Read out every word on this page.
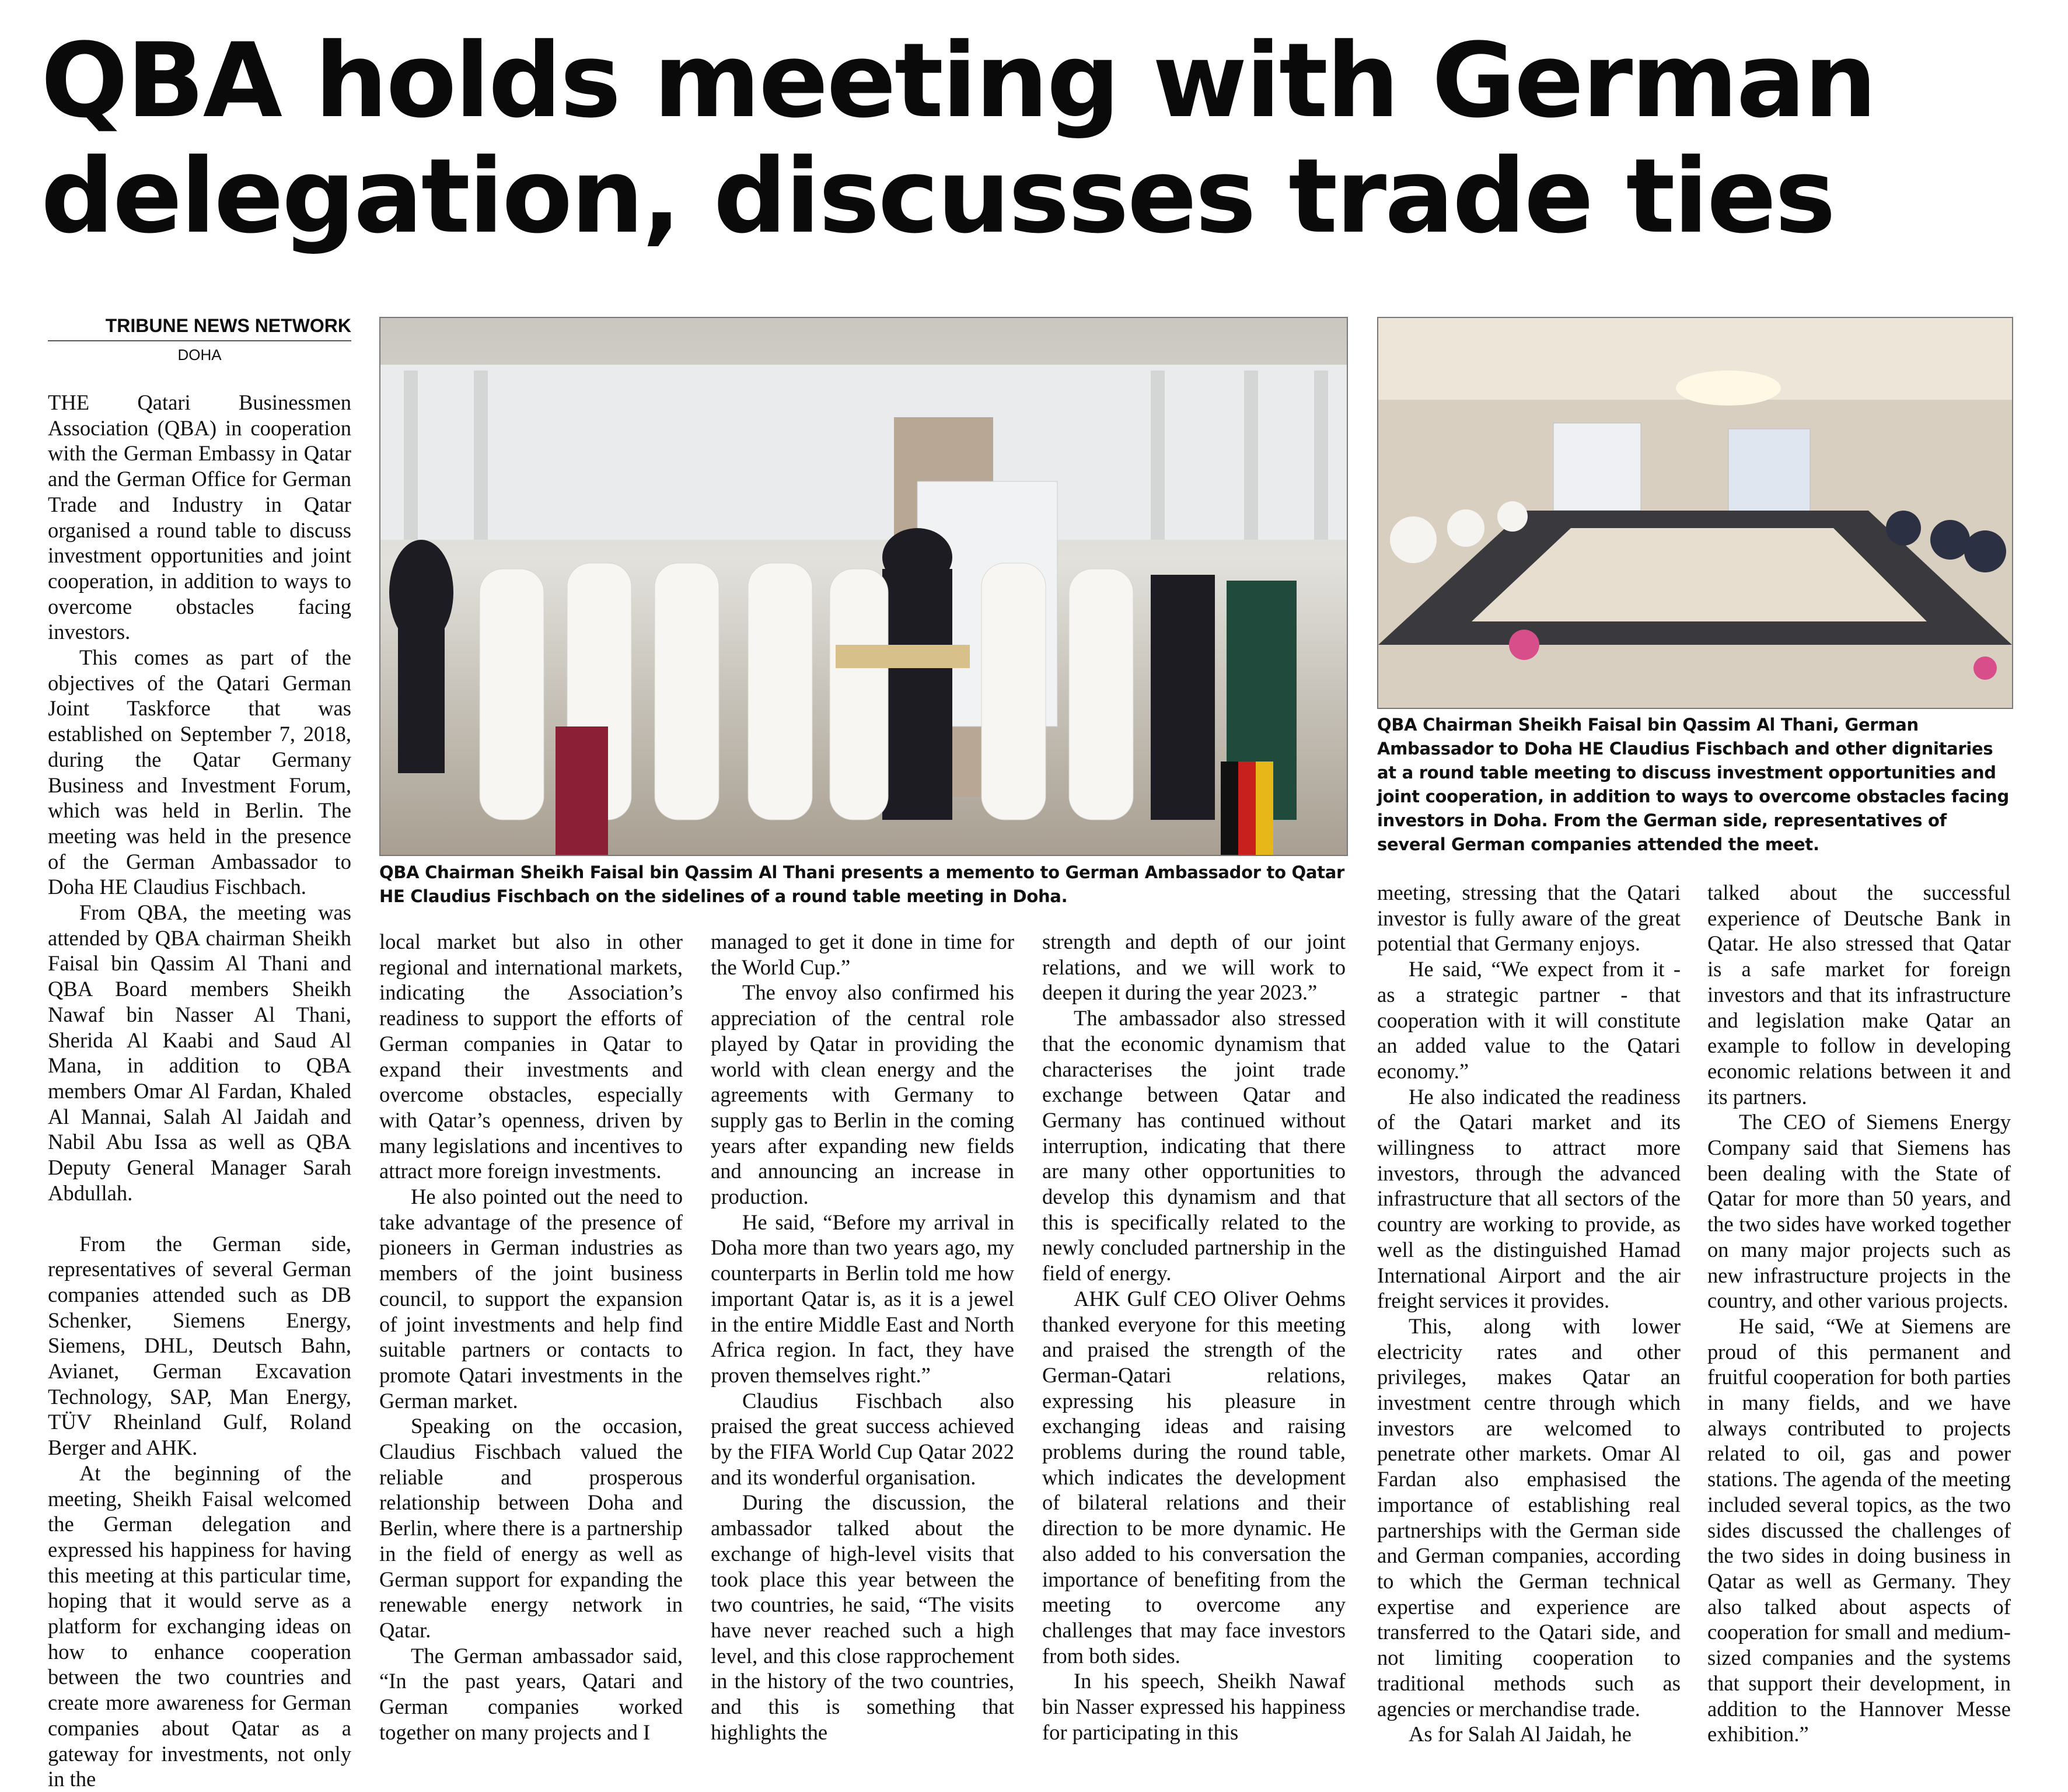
QBA holds meeting with German
delegation, discusses trade ties
TRIBUNE NEWS NETWORK
DOHA
QBA Chairman Sheikh Faisal bin Qassim Al Thani presents a memento to German Ambassador to Qatar HE Claudius Fischbach on the sidelines of a round table meeting in Doha.
QBA Chairman Sheikh Faisal bin Qassim Al Thani, German Ambassador to Doha HE Claudius Fischbach and other dignitaries at a round table meeting to discuss investment opportunities and joint cooperation, in addition to ways to overcome obstacles facing investors in Doha. From the German side, representatives of several German companies attended the meet.

THE Qatari Businessmen Association (QBA) in cooperation with the German Embassy in Qatar and the German Office for German Trade and Industry in Qatar organised a round table to discuss investment opportunities and joint cooperation, in addition to ways to overcome obstacles facing investors.

This comes as part of the objectives of the Qatari German Joint Taskforce that was established on September 7, 2018, during the Qatar Germany Business and Investment Forum, which was held in Berlin. The meeting was held in the presence of the German Ambassador to Doha HE Claudius Fischbach.

From QBA, the meeting was attended by QBA chairman Sheikh Faisal bin Qassim Al Thani and QBA Board members Sheikh Nawaf bin Nasser Al Thani, Sherida Al Kaabi and Saud Al Mana, in addition to QBA members Omar Al Fardan, Khaled Al Mannai, Salah Al Jaidah and Nabil Abu Issa as well as QBA Deputy General Manager Sarah Abdullah.

From the German side, representatives of several German companies attended such as DB Schenker, Siemens Energy, Siemens, DHL, Deutsch Bahn, Avianet, German Excavation Technology, SAP, Man Energy, TÜV Rheinland Gulf, Roland Berger and AHK.

At the beginning of the meeting, Sheikh Faisal welcomed the German delegation and expressed his happiness for having this meeting at this particular time, hoping that it would serve as a platform for exchanging ideas on how to enhance cooperation between the two countries and create more awareness for German companies about Qatar as a gateway for investments, not only in the

local market but also in other regional and international markets, indicating the Association’s readiness to support the efforts of German companies in Qatar to expand their investments and overcome obstacles, especially with Qatar’s openness, driven by many legislations and incentives to attract more foreign investments.

He also pointed out the need to take advantage of the presence of pioneers in German industries as members of the joint business council, to support the expansion of joint investments and help find suitable partners or contacts to promote Qatari investments in the German market.

Speaking on the occasion, Claudius Fischbach valued the reliable and prosperous relationship between Doha and Berlin, where there is a partnership in the field of energy as well as German support for expanding the renewable energy network in Qatar.

The German ambassador said, “In the past years, Qatari and German companies worked together on many projects and I

managed to get it done in time for the World Cup.”

The envoy also confirmed his appreciation of the central role played by Qatar in providing the world with clean energy and the agreements with Germany to supply gas to Berlin in the coming years after expanding new fields and announcing an increase in production.

He said, “Before my arrival in Doha more than two years ago, my counterparts in Berlin told me how important Qatar is, as it is a jewel in the entire Middle East and North Africa region. In fact, they have proven themselves right.”

Claudius Fischbach also praised the great success achieved by the FIFA World Cup Qatar 2022 and its wonderful organisation.

During the discussion, the ambassador talked about the exchange of high-level visits that took place this year between the two countries, he said, “The visits have never reached such a high level, and this close rapprochement in the history of the two countries, and this is something that highlights the

strength and depth of our joint relations, and we will work to deepen it during the year 2023.”

The ambassador also stressed that the economic dynamism that characterises the joint trade exchange between Qatar and Germany has continued without interruption, indicating that there are many other opportunities to develop this dynamism and that this is specifically related to the newly concluded partnership in the field of energy.

AHK Gulf CEO Oliver Oehms thanked everyone for this meeting and praised the strength of the German-Qatari relations, expressing his pleasure in exchanging ideas and raising problems during the round table, which indicates the development of bilateral relations and their direction to be more dynamic. He also added to his conversation the importance of benefiting from the meeting to overcome any challenges that may face investors from both sides.

In his speech, Sheikh Nawaf bin Nasser expressed his happiness for participating in this

meeting, stressing that the Qatari investor is fully aware of the great potential that Germany enjoys.

He said, “We expect from it - as a strategic partner - that cooperation with it will constitute an added value to the Qatari economy.”

He also indicated the readiness of the Qatari market and its willingness to attract more investors, through the advanced infrastructure that all sectors of the country are working to provide, as well as the distinguished Hamad International Airport and the air freight services it provides.

This, along with lower electricity rates and other privileges, makes Qatar an investment centre through which investors are welcomed to penetrate other markets. Omar Al Fardan also emphasised the importance of establishing real partnerships with the German side and German companies, according to which the German technical expertise and experience are transferred to the Qatari side, and not limiting cooperation to traditional methods such as agencies or merchandise trade.

As for Salah Al Jaidah, he

talked about the successful experience of Deutsche Bank in Qatar. He also stressed that Qatar is a safe market for foreign investors and that its infrastructure and legislation make Qatar an example to follow in developing economic relations between it and its partners.

The CEO of Siemens Energy Company said that Siemens has been dealing with the State of Qatar for more than 50 years, and the two sides have worked together on many major projects such as new infrastructure projects in the country, and other various projects.

He said, “We at Siemens are proud of this permanent and fruitful cooperation for both parties in many fields, and we have always contributed to projects related to oil, gas and power stations. The agenda of the meeting included several topics, as the two sides discussed the challenges of the two sides in doing business in Qatar as well as Germany. They also talked about aspects of cooperation for small and medium-sized companies and the systems that support their development, in addition to the Hannover Messe exhibition.”
